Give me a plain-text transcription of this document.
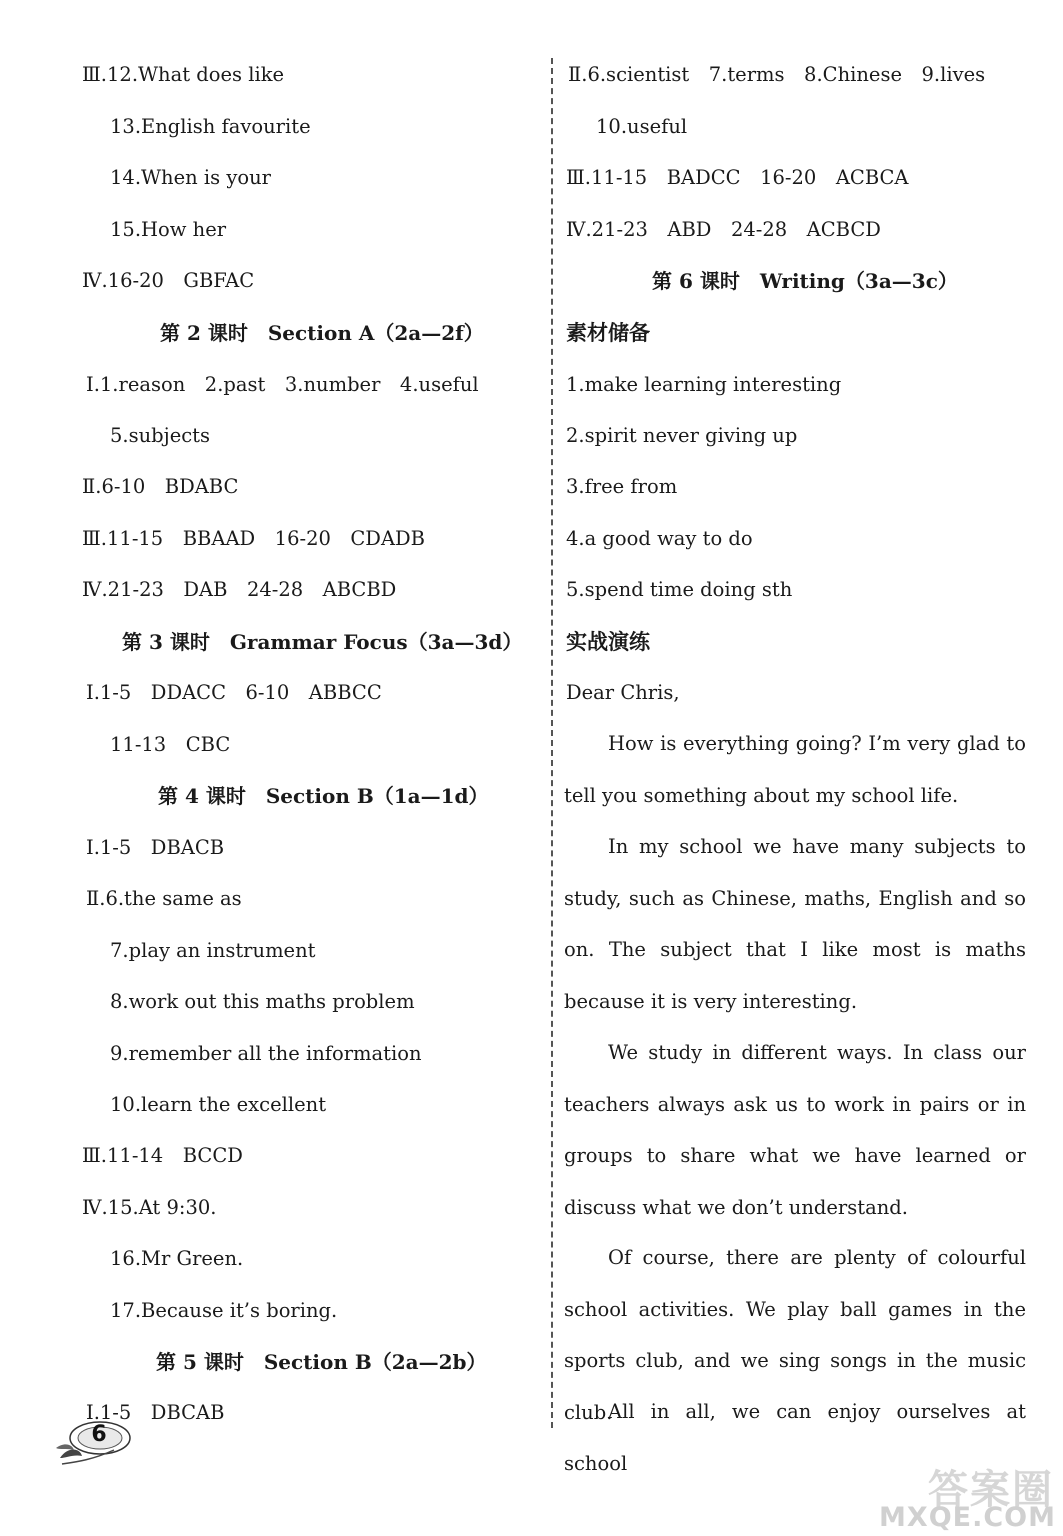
Ⅲ.12.What does like
13.English favourite
14.When is your
15.How her
Ⅳ.16-20　GBFAC
第 2 课时　Section A（2a—2f）
Ⅰ.1.reason　2.past　3.number　4.useful
5.subjects
Ⅱ.6-10　BDABC
Ⅲ.11-15　BBAAD　16-20　CDADB
Ⅳ.21-23　DAB　24-28　ABCBD
第 3 课时　Grammar Focus（3a—3d）
Ⅰ.1-5　DDACC　6-10　ABBCC
11-13　CBC
第 4 课时　Section B（1a—1d）
Ⅰ.1-5　DBACB
Ⅱ.6.the same as
7.play an instrument
8.work out this maths problem
9.remember all the information
10.learn the excellent
Ⅲ.11-14　BCCD
Ⅳ.15.At 9:30.
16.Mr Green.
17.Because it’s boring.
第 5 课时　Section B（2a—2b）
Ⅰ.1-5　DBCAB
Ⅱ.6.scientist　7.terms　8.Chinese　9.lives
10.useful
Ⅲ.11-15　BADCC　16-20　ACBCA
Ⅳ.21-23　ABD　24-28　ACBCD
第 6 课时　Writing（3a—3c）
素材储备
1.make learning interesting
2.spirit never giving up
3.free from
4.a good way to do
5.spend time doing sth
实战演练
Dear Chris,
How is everything going? I’m very glad to tell you something about my school life.
In my school we have many subjects to study, such as Chinese, maths, English and so on. The subject that I like most is maths because it is very interesting.
We study in different ways. In class our teachers always ask us to work in pairs or in groups to share what we have learned or discuss what we don’t understand.
Of course, there are plenty of colourful school activities. We play ball games in the sports club, and we sing songs in the music club.
All in all, we can enjoy ourselves at school
6
答案圈
MXQE.COM
